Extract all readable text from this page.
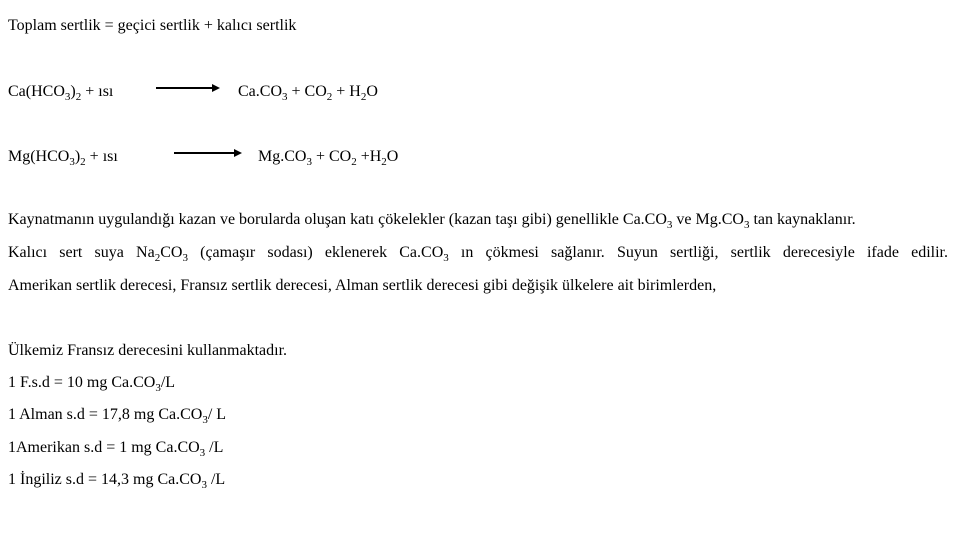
Toplam sertlik = geçici sertlik + kalıcı sertlik
$Ca(HCO_3)_2$ + ısı	→ $Ca.CO_3 + CO_2 + H_2O$
$Mg(HCO_3)_2$ + ısı	$Mg.CO_3 + CO_2 +H_2O$
Kaynatmanın uygulandığı kazan ve borularda oluşan katı çökelekler (kazan taşı gibi) genellikle $Ca.CO_3$ ve $Mg.CO_3$ tan kaynaklanır.
Kalıcı sert suya $Na_2CO_3$ (çamaşır sodası) eklenerek $Ca.CO_3$ ın çökmesi sağlanır. Suyun sertliği, sertlik derecesiyle ifade edilir.
Amerikan sertlik derecesi, Fransız sertlik derecesi, Alman sertlik derecesi gibi değişik ülkelere ait birimlerden,
Ülkemiz Fransız derecesini kullanmaktadır.
1 F.s.d = 10 mg $Ca.CO_3/L$
1 Alman s.d = 17,8 mg $Ca.CO_3/$ L
1Amerikan s.d = 1 mg $Ca.CO_3$ /L
1 İngiliz s.d = 14,3 mg $Ca.CO_3$ /L
